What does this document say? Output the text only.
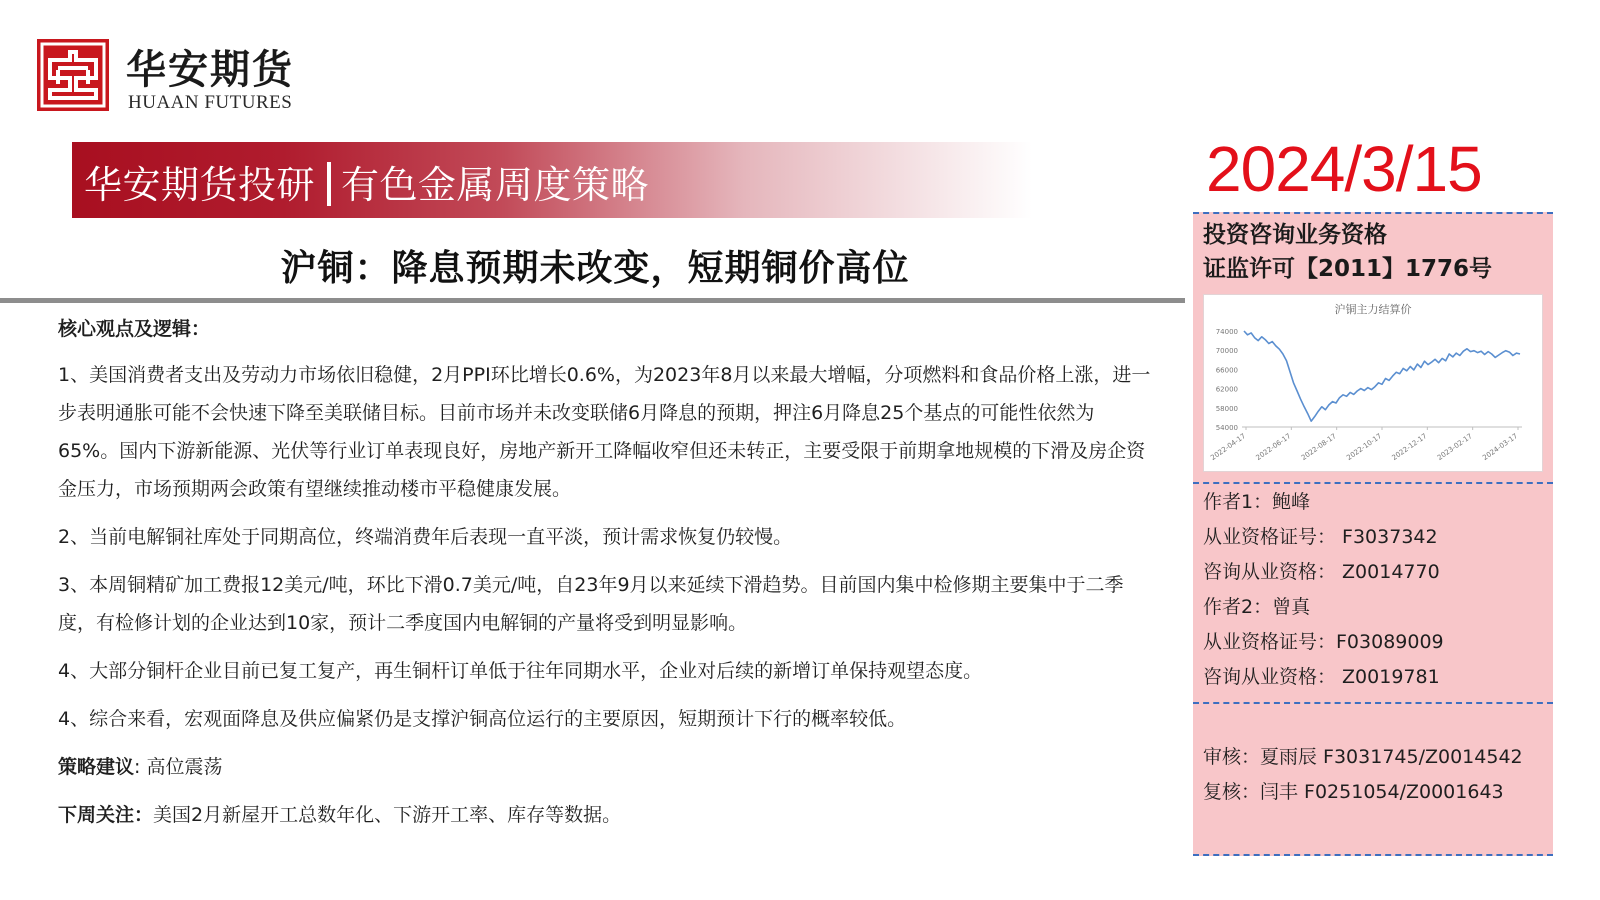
华安期货
HUAAN FUTURES
华安期货投研 有色金属周度策略	2024/3/15
沪铜：降息预期未改变，短期铜价高位

核心观点及逻辑：

1、美国消费者支出及劳动力市场依旧稳健，2月PPI环比增长0.6%，为2023年8月以来最大增幅，分项燃料和食品价格上涨，进一步表明通胀可能不会快速下降至美联储目标。目前市场并未改变联储6月降息的预期，押注6月降息25个基点的可能性依然为65%。国内下游新能源、光伏等行业订单表现良好，房地产新开工降幅收窄但还未转正，主要受限于前期拿地规模的下滑及房企资金压力，市场预期两会政策有望继续推动楼市平稳健康发展。

2、当前电解铜社库处于同期高位，终端消费年后表现一直平淡，预计需求恢复仍较慢。

3、本周铜精矿加工费报12美元/吨，环比下滑0.7美元/吨，自23年9月以来延续下滑趋势。目前国内集中检修期主要集中于二季度，有检修计划的企业达到10家，预计二季度国内电解铜的产量将受到明显影响。

4、大部分铜杆企业目前已复工复产，再生铜杆订单低于往年同期水平，企业对后续的新增订单保持观望态度。

4、综合来看，宏观面降息及供应偏紧仍是支撑沪铜高位运行的主要原因，短期预计下行的概率较低。

策略建议: 高位震荡

下周关注：美国2月新屋开工总数年化、下游开工率、库存等数据。

投资咨询业务资格
证监许可【2011】1776号
沪铜主力结算价
54000
58000
62000
66000
70000
74000
2022-04-17 2022-06-17 2022-08-17 2022-10-17 2022-12-17 2023-02-17 2024-03-17
作者1：鲍峰
从业资格证号： F3037342
咨询从业资格： Z0014770
作者2：曾真
从业资格证号：F03089009
咨询从业资格： Z0019781
审核：夏雨辰 F3031745/Z0014542
复核：闫丰 F0251054/Z0001643
